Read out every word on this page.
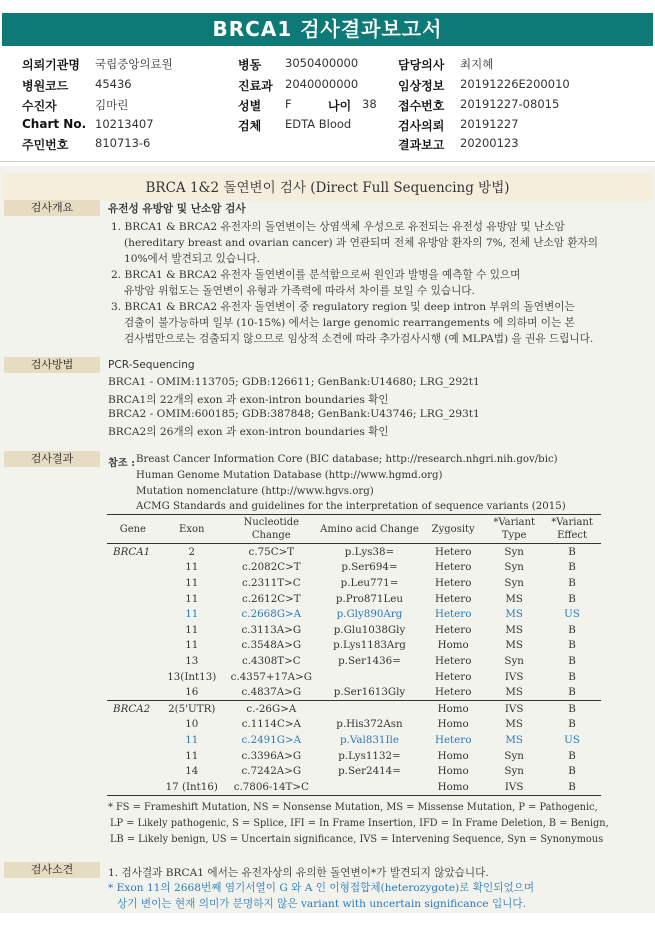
BRCA1 검사결과보고서
의뢰기관명 국립중앙의료원	병동 3050400000	담당의사 최지혜
병원코드 45436	진료과 2040000000	임상정보 20191226E200010
수진자	김마린	성별 F	나이 38 접수번호 20191227-08015
Chart No. 10213407	검체 EDTA Blood	검사의뢰 20191227
주민번호 810713-6	결과보고 20200123
BRCA 1&2 돌연변이 검사 (Direct Full Sequencing 방법)
검사개요	유전성 유방암 및 난소암 검사
1. BRCA1 & BRCA2 유전자의 돌연변이는 상염색체 우성으로 유전되는 유전성 유방암 및 난소암
(hereditary breast and ovarian cancer) 과 연관되며 전체 유방암 환자의 7%, 전체 난소암 환자의
10%에서 발견되고 있습니다.
2. BRCA1 & BRCA2 유전자 돌연변이를 분석함으로써 원인과 발병을 예측할 수 있으며
유방암 위험도는 돌연변이 유형과 가족력에 따라서 차이를 보일 수 있습니다.
3. BRCA1 & BRCA2 유전자 돌연변이 중 regulatory region 및 deep intron 부위의 돌연변이는
검출이 불가능하며 일부 (10-15%) 에서는 large genomic rearrangements 에 의하며 이는 본
검사법만으로는 검출되지 않으므로 임상적 소견에 따라 추가검사시행 (예 MLPA법) 을 권유 드립니다.
검사방법	PCR-Sequencing
BRCA1 - OMIM:113705; GDB:126611; GenBank:U14680; LRG_292t1
BRCA1의 22개의 exon 과 exon-intron boundaries 확인
BRCA2 - OMIM:600185; GDB:387848; GenBank:U43746; LRG_293t1
BRCA2의 26개의 exon 과 exon-intron boundaries 확인
검사결과	참조 : Breast Cancer Information Core (BIC database; http://research.nhgri.nih.gov/bic)
Human Genome Mutation Database (http://www.hgmd.org)
Mutation nomenclature (http://www.hgvs.org)
ACMG Standards and guidelines for the interpretation of sequence variants (2015)
Gene	Exon	Nucleotide Change	Amino acid Change	Zygosity	*Variant Type	*Variant Effect
BRCA1	2	c.75C>T	p.Lys38=	Hetero	Syn	B
	11	c.2082C>T	p.Ser694=	Hetero	Syn	B
	11	c.2311T>C	p.Leu771=	Hetero	Syn	B
	11	c.2612C>T	p.Pro871Leu	Hetero	MS	B
	11	c.2668G>A	p.Gly890Arg	Hetero	MS	US
	11	c.3113A>G	p.Glu1038Gly	Hetero	MS	B
	11	c.3548A>G	p.Lys1183Arg	Homo	MS	B
	13	c.4308T>C	p.Ser1436=	Hetero	Syn	B
	13(Int13)	c.4357+17A>G		Hetero	IVS	B
	16	c.4837A>G	p.Ser1613Gly	Hetero	MS	B
BRCA2	2(5'UTR)	c.-26G>A		Homo	IVS	B
	10	c.1114C>A	p.His372Asn	Homo	MS	B
	11	c.2491G>A	p.Val831Ile	Hetero	MS	US
	11	c.3396A>G	p.Lys1132=	Homo	Syn	B
	14	c.7242A>G	p.Ser2414=	Homo	Syn	B
	17 (Int16)	c.7806-14T>C		Homo	IVS	B
* FS = Frameshift Mutation, NS = Nonsense Mutation, MS = Missense Mutation, P = Pathogenic,
LP = Likely pathogenic, S = Splice, IFI = In Frame Insertion, IFD = In Frame Deletion, B = Benign,
LB = Likely benign, US = Uncertain significance, IVS = Intervening Sequence, Syn = Synonymous
검사소견	1. 검사결과 BRCA1 에서는 유전자상의 유의한 돌연변이*가 발견되지 않았습니다.
* Exon 11의 2668번째 염기서열이 G 와 A 인 이형접합체(heterozygote)로 확인되었으며
상기 변이는 현재 의미가 분명하지 않은 variant with uncertain significance 입니다.
